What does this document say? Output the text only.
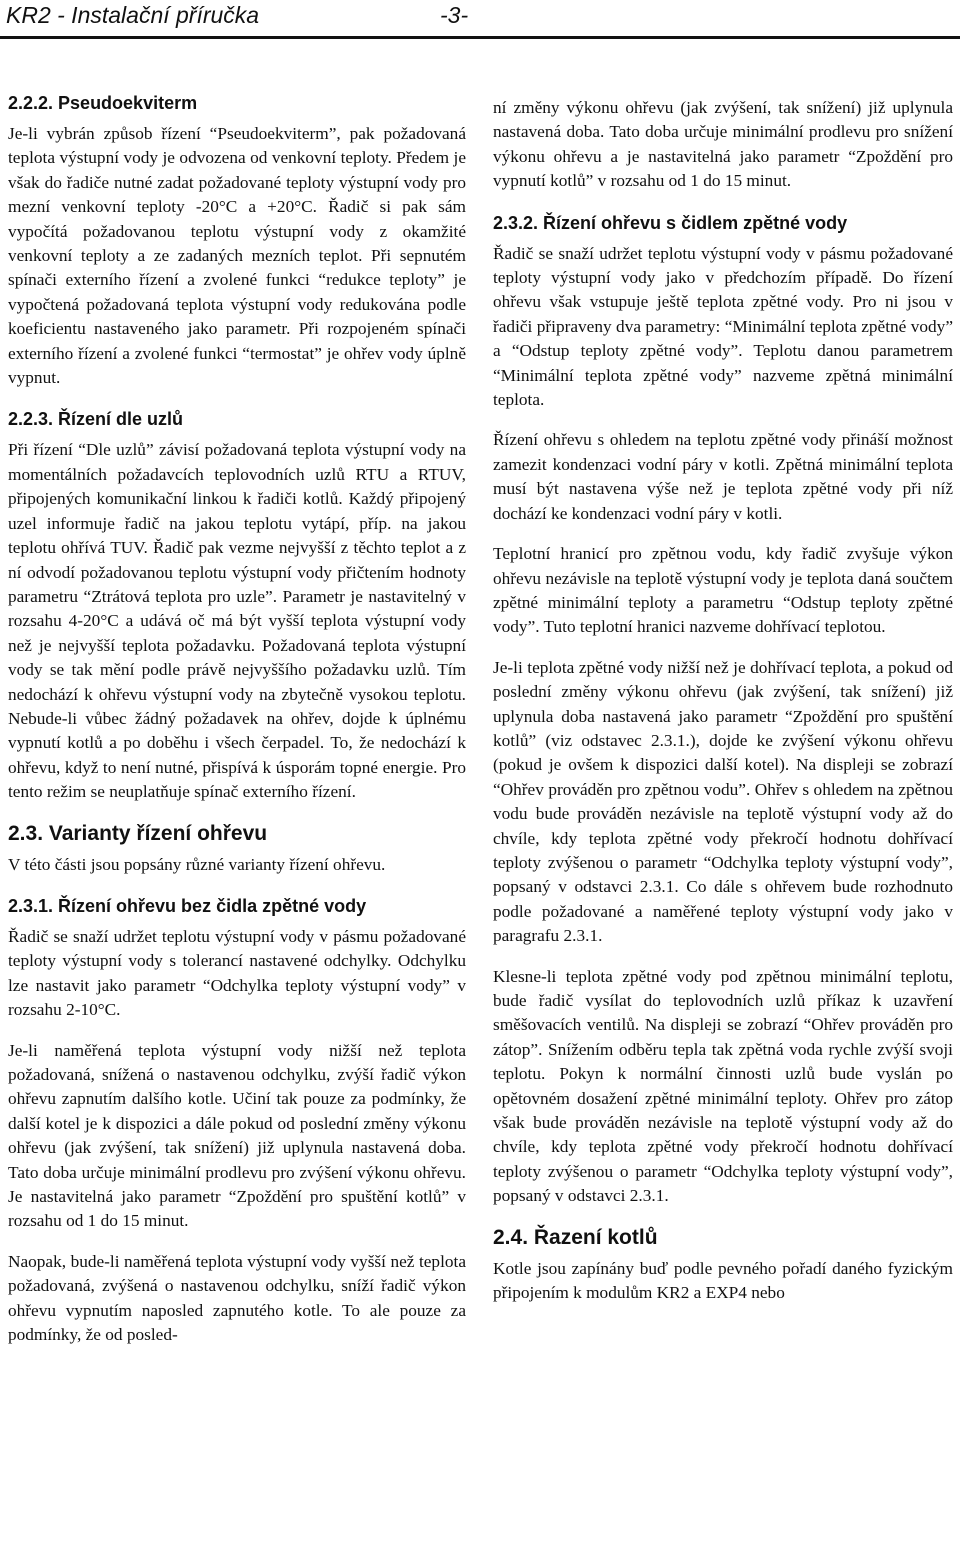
KR2 - Instalační příručka	-3-
2.2.2. Pseudoekviterm

Je-li vybrán způsob řízení “Pseudoekviterm”, pak požadovaná teplota výstupní vody je odvozena od venkovní teploty. Předem je však do řadiče nutné zadat požadované teploty výstupní vody pro mezní venkovní teploty -20°C a +20°C. Řadič si pak sám vypočítá požadovanou teplotu výstupní vody z okamžité venkovní teploty a ze zadaných mezních teplot. Při sepnutém spínači externího řízení a zvolené funkci “redukce teploty” je vypočtená požadovaná teplota výstupní vody redukována podle koeficientu nastaveného jako parametr. Při rozpojeném spínači externího řízení a zvolené funkci “termostat” je ohřev vody úplně vypnut.

2.2.3. Řízení dle uzlů

Při řízení “Dle uzlů” závisí požadovaná teplota výstupní vody na momentálních požadavcích teplovodních uzlů RTU a RTUV, připojených komunikační linkou k řadiči kotlů. Každý připojený uzel informuje řadič na jakou teplotu vytápí, příp. na jakou teplotu ohřívá TUV. Řadič pak vezme nejvyšší z těchto teplot a z ní odvodí požadovanou teplotu výstupní vody přičtením hodnoty parametru “Ztrátová teplota pro uzle”. Parametr je nastavitelný v rozsahu 4-20°C a udává oč má být vyšší teplota výstupní vody než je nejvyšší teplota požadavku. Požadovaná teplota výstupní vody se tak mění podle právě nejvyššího požadavku uzlů. Tím nedochází k ohřevu výstupní vody na zbytečně vysokou teplotu. Nebude-li vůbec žádný požadavek na ohřev, dojde k úplnému vypnutí kotlů a po doběhu i všech čerpadel. To, že nedochází k ohřevu, když to není nutné, přispívá k úsporám topné energie. Pro tento režim se neuplatňuje spínač externího řízení.

2.3. Varianty řízení ohřevu

V této části jsou popsány různé varianty řízení ohřevu.

2.3.1. Řízení ohřevu bez čidla zpětné vody

Řadič se snaží udržet teplotu výstupní vody v pásmu požadované teploty výstupní vody s tolerancí nastavené odchylky. Odchylku lze nastavit jako parametr “Odchylka teploty výstupní vody” v rozsahu 2-10°C.

Je-li naměřená teplota výstupní vody nižší než teplota požadovaná, snížená o nastavenou odchylku, zvýší řadič výkon ohřevu zapnutím dalšího kotle. Učiní tak pouze za podmínky, že další kotel je k dispozici a dále pokud od poslední změny výkonu ohřevu (jak zvýšení, tak snížení) již uplynula nastavená doba. Tato doba určuje minimální prodlevu pro zvýšení výkonu ohřevu. Je nastavitelná jako parametr “Zpoždění pro spuštění kotlů” v rozsahu od 1 do 15 minut.

Naopak, bude-li naměřená teplota výstupní vody vyšší než teplota požadovaná, zvýšená o nastavenou odchylku, sníží řadič výkon ohřevu vypnutím naposled zapnutého kotle. To ale pouze za podmínky, že od posled-

ní změny výkonu ohřevu (jak zvýšení, tak snížení) již uplynula nastavená doba. Tato doba určuje minimální prodlevu pro snížení výkonu ohřevu a je nastavitelná jako parametr “Zpoždění pro vypnutí kotlů” v rozsahu od 1 do 15 minut.

2.3.2. Řízení ohřevu s čidlem zpětné vody

Řadič se snaží udržet teplotu výstupní vody v pásmu požadované teploty výstupní vody jako v předchozím případě. Do řízení ohřevu však vstupuje ještě teplota zpětné vody. Pro ni jsou v řadiči připraveny dva parametry: “Minimální teplota zpětné vody” a “Odstup teploty zpětné vody”. Teplotu danou parametrem “Minimální teplota zpětné vody” nazveme zpětná minimální teplota.

Řízení ohřevu s ohledem na teplotu zpětné vody přináší možnost zamezit kondenzaci vodní páry v kotli. Zpětná minimální teplota musí být nastavena výše než je teplota zpětné vody při níž dochází ke kondenzaci vodní páry v kotli.

Teplotní hranicí pro zpětnou vodu, kdy řadič zvyšuje výkon ohřevu nezávisle na teplotě výstupní vody je teplota daná součtem zpětné minimální teploty a parametru “Odstup teploty zpětné vody”. Tuto teplotní hranici nazveme dohřívací teplotou.

Je-li teplota zpětné vody nižší než je dohřívací teplota, a pokud od poslední změny výkonu ohřevu (jak zvýšení, tak snížení) již uplynula doba nastavená jako parametr “Zpoždění pro spuštění kotlů” (viz odstavec 2.3.1.), dojde ke zvýšení výkonu ohřevu (pokud je ovšem k dispozici další kotel). Na displeji se zobrazí “Ohřev prováděn pro zpětnou vodu”. Ohřev s ohledem na zpětnou vodu bude prováděn nezávisle na teplotě výstupní vody až do chvíle, kdy teplota zpětné vody překročí hodnotu dohřívací teploty zvýšenou o parametr “Odchylka teploty výstupní vody”, popsaný v odstavci 2.3.1. Co dále s ohřevem bude rozhodnuto podle požadované a naměřené teploty výstupní vody jako v paragrafu 2.3.1.

Klesne-li teplota zpětné vody pod zpětnou minimální teplotu, bude řadič vysílat do teplovodních uzlů příkaz k uzavření směšovacích ventilů. Na displeji se zobrazí “Ohřev prováděn pro zátop”. Snížením odběru tepla tak zpětná voda rychle zvýší svoji teplotu. Pokyn k normální činnosti uzlů bude vyslán po opětovném dosažení zpětné minimální teploty. Ohřev pro zátop však bude prováděn nezávisle na teplotě výstupní vody až do chvíle, kdy teplota zpětné vody překročí hodnotu dohřívací teploty zvýšenou o parametr “Odchylka teploty výstupní vody”, popsaný v odstavci 2.3.1.

2.4. Řazení kotlů

Kotle jsou zapínány buď podle pevného pořadí daného fyzickým připojením k modulům KR2 a EXP4 nebo
